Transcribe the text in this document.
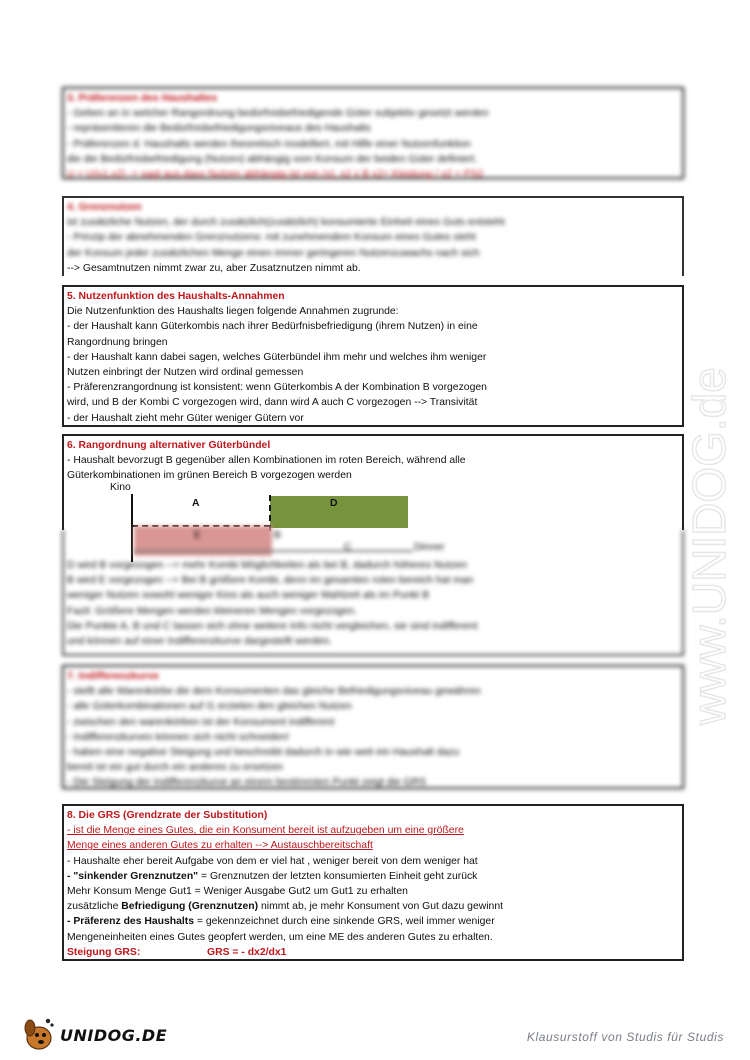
3. Präferenzen des Haushaltes
- Geben an in welcher Rangordnung bedürfnisbefriedigende Güter subjektiv gesetzt werden
- repräsentieren die Bedürfnisbefriedigungsniveaus des Haushalts
- Präferenzen d. Haushalts werden theoretisch modelliert, mit Hilfe einer Nutzenfunktion
die die Bedürfnisbefriedigung (Nutzen) abhängig vom Konsum der beiden Güter definiert.
U = U(x1,x2) -> sagt aus,dass Nutzen abhängig ist von (x), x2 x B x2= Kleidung / x2 = PS2
4. Grenznutzen
ist zusätzliche Nutzen, der durch zusätzlich(zusätzlich) konsumierte Einheit eines Guts entsteht
- Prinzip der abnehmenden Grenznutzens: mit zunehmendem Konsum eines Gutes steht
der Konsum jeder zusätzlichen Menge einen immer geringeren Nutzenzuwachs nach sich
--> Gesamtnutzen nimmt zwar zu, aber Zusatznutzen nimmt ab.
5. Nutzenfunktion des Haushalts-Annahmen
Die Nutzenfunktion des Haushalts liegen folgende Annahmen zugrunde:
- der Haushalt kann Güterkombis nach ihrer Bedürfnisbefriedigung (ihrem Nutzen) in eine
Rangordnung bringen
- der Haushalt kann dabei sagen, welches Güterbündel ihm mehr und welches ihm weniger
Nutzen einbringt der Nutzen wird ordinal gemessen
- Präferenzrangordnung ist konsistent: wenn Güterkombis A der Kombination B vorgezogen
wird, und B der Kombi C vorgezogen wird, dann wird A auch C vorgezogen --> Transivität
- der Haushalt zieht mehr Güter weniger Gütern vor
6. Rangordnung alternativer Güterbündel
- Haushalt bevorzugt B gegenüber allen Kombinationen im roten Bereich, während alle
Güterkombinationen im grünen Bereich B vorgezogen werden
Kino
A	D
E	B
C	Dinner
D wird B vorgezogen --> mehr Kombi Möglichkeiten als bei B, dadurch höheres Nutzen
B wird E vorgezogen --> Bei B größere Kombi, denn im gesamten roten bereich hat man
weniger Nutzen sowohl weniger Kino als auch weniger Mahlzeit als im Punkt B
Fazit: Größere Mengen werden kleineren Mengen vorgezogen.
Die Punkte A, B und C lassen sich ohne weitere Info nicht vergleichen, sie sind indifferent
und können auf einer Indifferenzkurve dargestellt werden.
7. Indifferenzkurve
- stellt alle Warenkörbe die dem Konsumenten das gleiche Befriedigungsniveau gewähren
- alle Güterkombinationen auf I1 erzielen den gleichen Nutzen
- zwischen den warenkörben ist der Konsument indifferent
- Indifferenzkurven können sich nicht schneiden!
- haben eine negative Steigung und beschreibt dadurch in wie weit ein Haushalt dazu
bereit ist ein gut durch ein anderes zu ersetzen
- Die Steigung der Indifferenzkurve an einem bestimmten Punkt zeigt die GRS
8. Die GRS (Grendzrate der Substitution)
- ist die Menge eines Gutes, die ein Konsument bereit ist aufzugeben um eine größere
Menge eines anderen Gutes zu erhalten --> Austauschbereitschaft
- Haushalte eher bereit Aufgabe von dem er viel hat , weniger bereit von dem weniger hat
- "sinkender Grenznutzen" = Grenznutzen der letzten konsumierten Einheit geht zurück
Mehr Konsum Menge Gut1 = Weniger Ausgabe Gut2 um Gut1 zu erhalten
zusätzliche Befriedigung (Grenznutzen) nimmt ab, je mehr Konsument von Gut dazu gewinnt
- Präferenz des Haushalts = gekennzeichnet durch eine sinkende GRS, weil immer weniger
Mengeneinheiten eines Gutes geopfert werden, um eine ME des anderen Gutes zu erhalten.
Steigung GRS:	GRS = - dx2/dx1
www.UNIDOG.de
UNIDOG.DE	Klausurstoff von Studis für Studis
